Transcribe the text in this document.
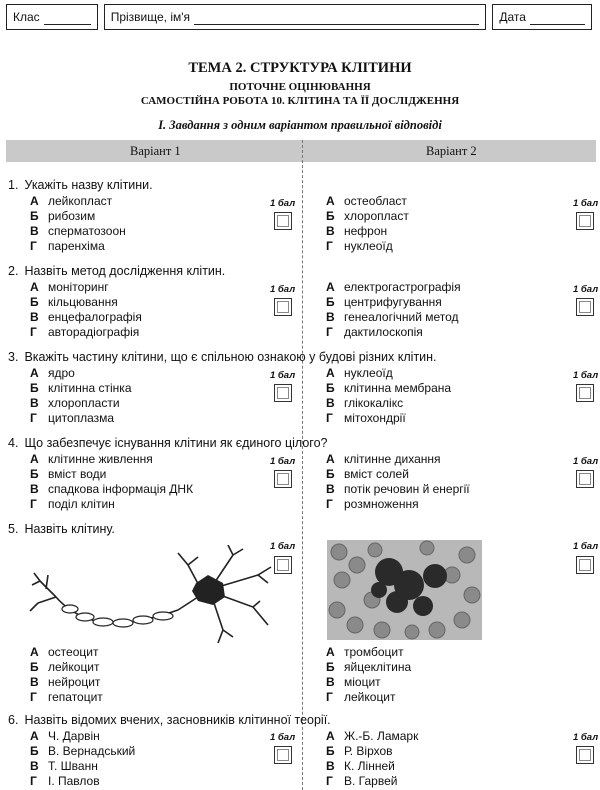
Клас	Прізвище, ім'я	Дата
ТЕМА 2. СТРУКТУРА КЛІТИНИ
ПОТОЧНЕ ОЦІНЮВАННЯ
САМОСТІЙНА РОБОТА 10. КЛІТИНА ТА ЇЇ ДОСЛІДЖЕННЯ
І. Завдання з одним варіантом правильної відповіді
Варіант 1	Варіант 2
1. Укажіть назву клітини.
А лейкопласт
Б рибозим
В сперматозоон
Г паренхіма
1 бал	А остеобласт
Б хлоропласт
В нефрон
Г нуклеоїд
1 бал
2. Назвіть метод дослідження клітин.
А моніторинг
Б кільцювання
В енцефалографія
Г авторадіографія
1 бал	А електрогастрографія
Б центрифугування
В генеалогічний метод
Г дактилоскопія
1 бал
3. Вкажіть частину клітини, що є спільною ознакою у будові різних клітин.
А ядро
Б клітинна стінка
В хлоропласти
Г цитоплазма
1 бал	А нуклеоїд
Б клітинна мембрана
В глікокалікс
Г мітохондрії
1 бал
4. Що забезпечує існування клітини як єдиного цілого?
А клітинне живлення
Б вміст води
В спадкова інформація ДНК
Г поділ клітин
1 бал	А клітинне дихання
Б вміст солей
В потік речовин й енергії
Г розмноження
1 бал
5. Назвіть клітину.
А остеоцит
Б лейкоцит
В нейроцит
Г гепатоцит
1 бал
А тромбоцит
Б яйцеклітина
В міоцит
Г лейкоцит
1 бал
6. Назвіть відомих вчених, засновників клітинної теорії.
А Ч. Дарвін
Б В. Вернадський
В Т. Шванн
Г І. Павлов
1 бал	А Ж.-Б. Ламарк
Б Р. Вірхов
В К. Лінней
Г В. Гарвей
1 бал
